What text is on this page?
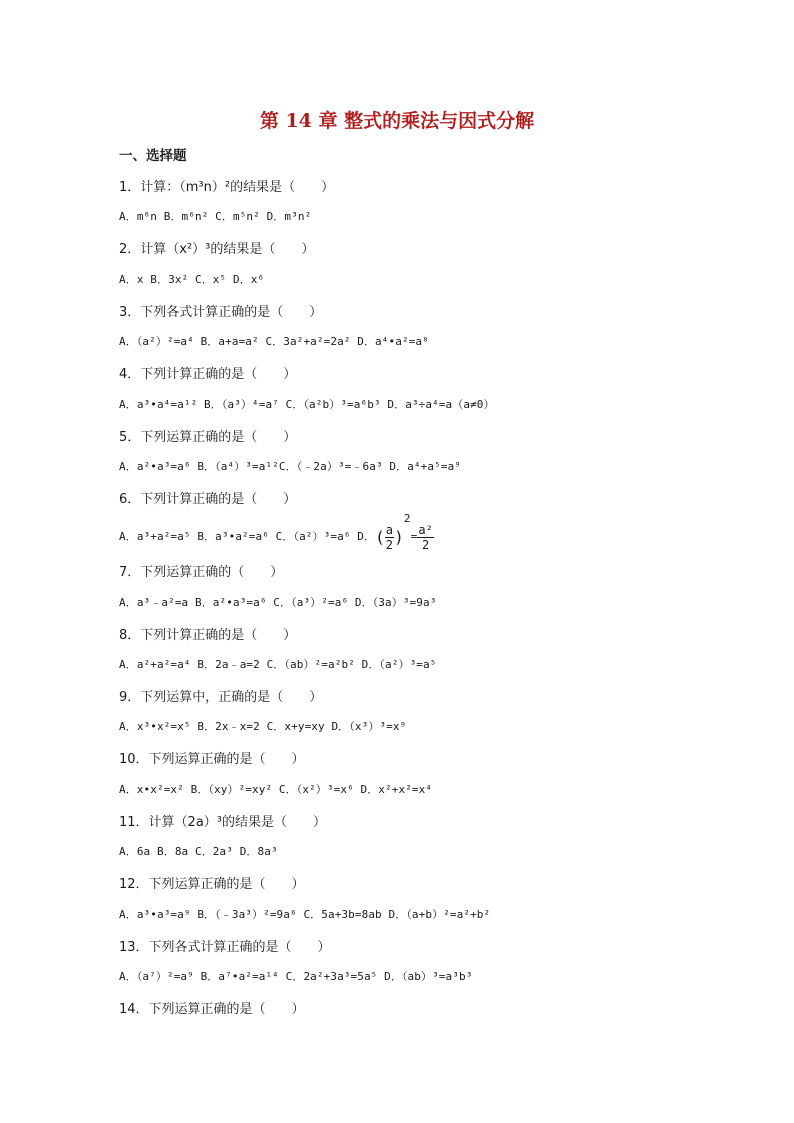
第 14 章 整式的乘法与因式分解
一、选择题
1．计算：（m³n）²的结果是（　　）
A．m⁶n B．m⁶n² C．m⁵n² D．m³n²
2．计算（x²）³的结果是（　　）
A．x B．3x² C．x⁵ D．x⁶
3．下列各式计算正确的是（　　）
A．（a²）²=a⁴ B．a+a=a² C．3a²+a²=2a² D．a⁴•a²=a⁸
4．下列计算正确的是（　　）
A．a³•a⁴=a¹² B．（a³）⁴=a⁷ C．（a²b）³=a⁶b³ D．a³÷a⁴=a（a≠0）
5．下列运算正确的是（　　）
A．a²•a³=a⁶ B．（a⁴）³=a¹²C．（﹣2a）³=﹣6a³ D．a⁴+a⁵=a⁹
6．下列计算正确的是（　　）
A．a³+a²=a⁵ B．a³•a²=a⁶ C．（a²）³=a⁶ D．( $\frac{a}{2} )^2= \frac{\text{a²}}{2}$
7．下列运算正确的（　　）
A．a³﹣a²=a B．a²•a³=a⁶ C．（a³）²=a⁶ D．（3a）³=9a³
8．下列计算正确的是（　　）
A．a²+a²=a⁴ B．2a﹣a=2 C．（ab）²=a²b² D．（a²）³=a⁵
9．下列运算中，正确的是（　　）
A．x³•x²=x⁵ B．2x﹣x=2 C．x+y=xy D．（x³）³=x⁹
10．下列运算正确的是（　　）
A．x•x²=x² B．（xy）²=xy² C．（x²）³=x⁶ D．x²+x²=x⁴
11．计算（2a）³的结果是（　　）
A．6a B．8a C．2a³ D．8a³
12．下列运算正确的是（　　）
A．a³•a³=a⁹ B．（﹣3a³）²=9a⁶ C．5a+3b=8ab D．（a+b）²=a²+b²
13．下列各式计算正确的是（　　）
A．（a⁷）²=a⁹ B．a⁷•a²=a¹⁴ C．2a²+3a³=5a⁵ D．（ab）³=a³b³
14．下列运算正确的是（　　）
